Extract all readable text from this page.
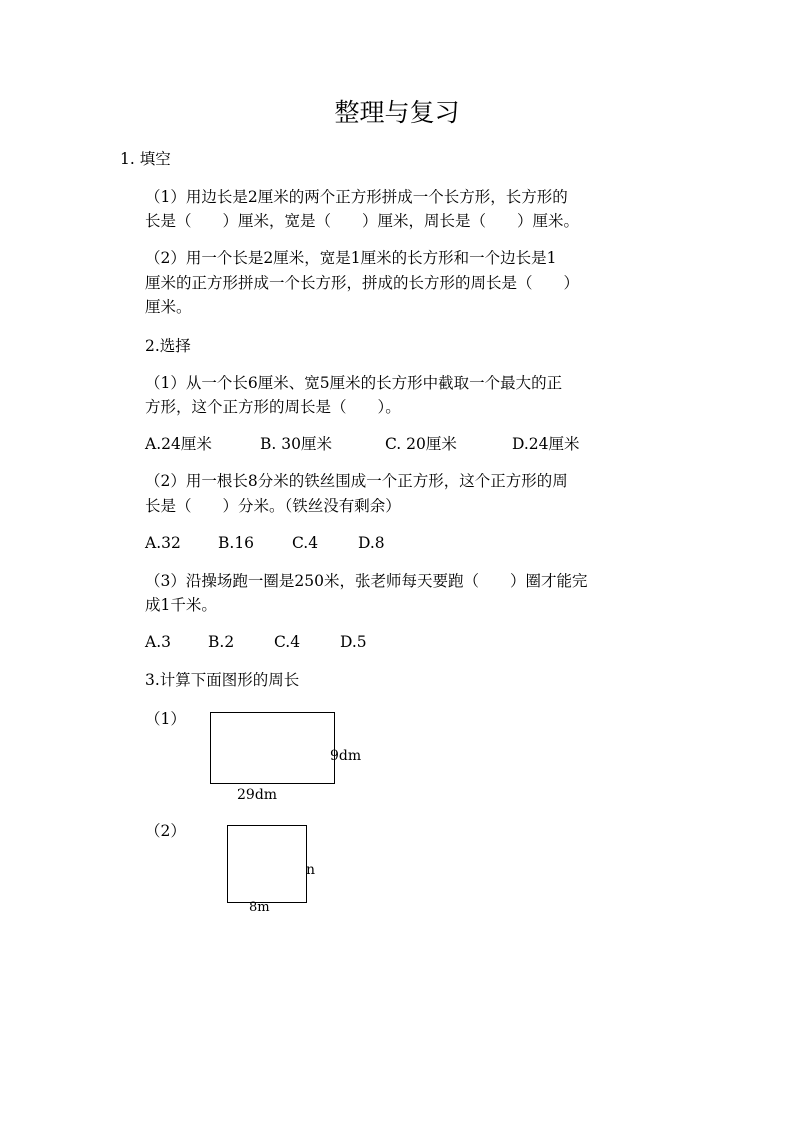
整理与复习
1. 填空
（1）用边长是2厘米的两个正方形拼成一个长方形，长方形的
长是（　　）厘米，宽是（　　）厘米，周长是（　　）厘米。
（2）用一个长是2厘米，宽是1厘米的长方形和一个边长是1
厘米的正方形拼成一个长方形，拼成的长方形的周长是（　　）
厘米。
2.选择
（1）从一个长6厘米、宽5厘米的长方形中截取一个最大的正
方形，这个正方形的周长是（　　）。
A.24厘米	B. 30厘米	C. 20厘米	D.24厘米
（2）用一根长8分米的铁丝围成一个正方形，这个正方形的周
长是（　　）分米。（铁丝没有剩余）
A.32 B.16 C.4	D.8
（3）沿操场跑一圈是250米，张老师每天要跑（　　）圈才能完
成1千米。
A.3 B.2	C.4	D.5
3.计算下面图形的周长
（1）
9dm
29dm
（2）
n
8m
